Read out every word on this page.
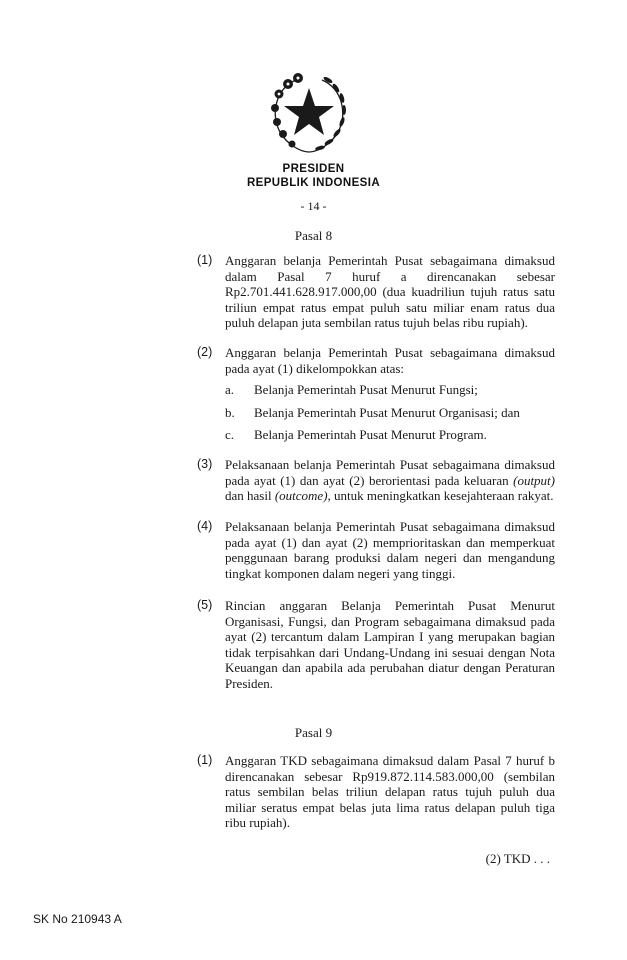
PRESIDEN
REPUBLIK INDONESIA
- 14 -
Pasal 8
(1) Anggaran belanja Pemerintah Pusat sebagaimana dimaksud dalam Pasal 7 huruf a direncanakan sebesar Rp2.701.441.628.917.000,00 (dua kuadriliun tujuh ratus satu triliun empat ratus empat puluh satu miliar enam ratus dua puluh delapan juta sembilan ratus tujuh belas ribu rupiah).
(2) Anggaran belanja Pemerintah Pusat sebagaimana dimaksud pada ayat (1) dikelompokkan atas:
a. Belanja Pemerintah Pusat Menurut Fungsi;
b. Belanja Pemerintah Pusat Menurut Organisasi; dan
c. Belanja Pemerintah Pusat Menurut Program.
(3) Pelaksanaan belanja Pemerintah Pusat sebagaimana dimaksud pada ayat (1) dan ayat (2) berorientasi pada keluaran (output) dan hasil (outcome), untuk meningkatkan kesejahteraan rakyat.
(4) Pelaksanaan belanja Pemerintah Pusat sebagaimana dimaksud pada ayat (1) dan ayat (2) memprioritaskan dan memperkuat penggunaan barang produksi dalam negeri dan mengandung tingkat komponen dalam negeri yang tinggi.
(5) Rincian anggaran Belanja Pemerintah Pusat Menurut Organisasi, Fungsi, dan Program sebagaimana dimaksud pada ayat (2) tercantum dalam Lampiran I yang merupakan bagian tidak terpisahkan dari Undang-Undang ini sesuai dengan Nota Keuangan dan apabila ada perubahan diatur dengan Peraturan Presiden.
Pasal 9
(1) Anggaran TKD sebagaimana dimaksud dalam Pasal 7 huruf b direncanakan sebesar Rp919.872.114.583.000,00 (sembilan ratus sembilan belas triliun delapan ratus tujuh puluh dua miliar seratus empat belas juta lima ratus delapan puluh tiga ribu rupiah).
(2) TKD . . .
SK No 210943 A
